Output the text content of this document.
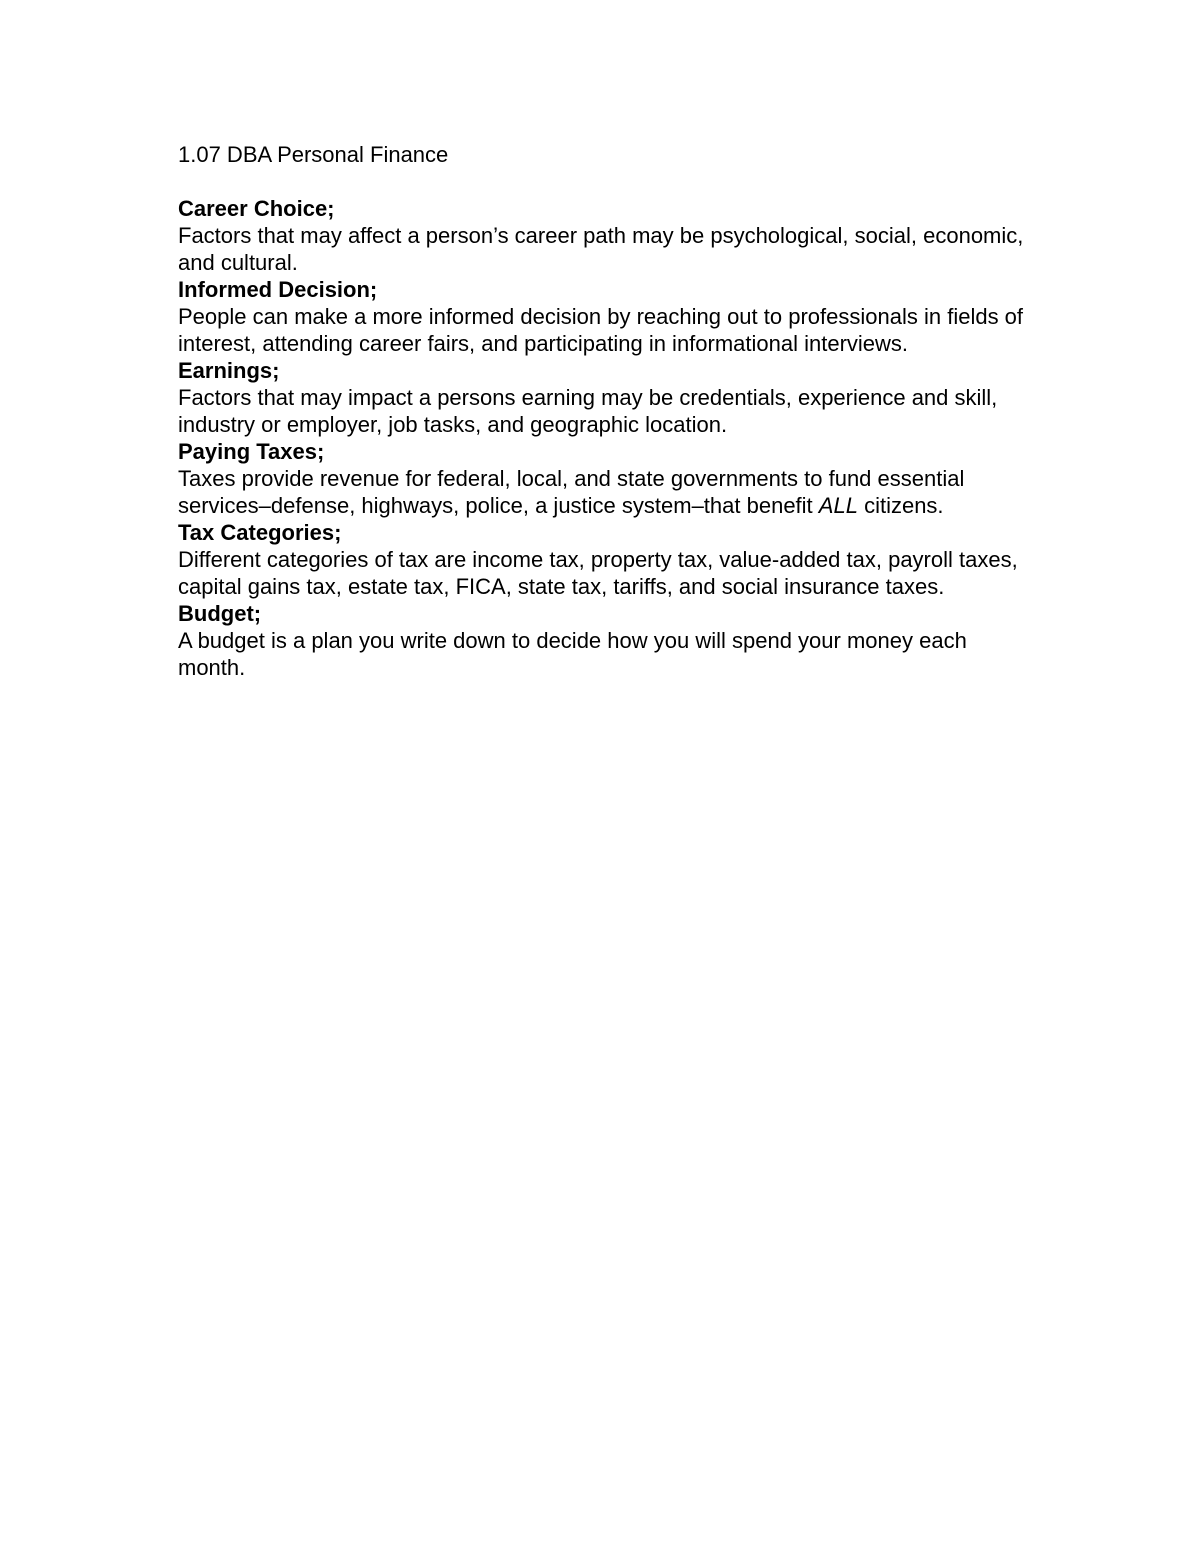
1.07 DBA Personal Finance

Career Choice;

Factors that may affect a person’s career path may be psychological, social, economic, and cultural.

Informed Decision;

People can make a more informed decision by reaching out to professionals in fields of interest, attending career fairs, and participating in informational interviews.

Earnings;

Factors that may impact a persons earning may be credentials, experience and skill, industry or employer, job tasks, and geographic location.

Paying Taxes;

Taxes provide revenue for federal, local, and state governments to fund essential services–defense, highways, police, a justice system–that benefit ALL citizens.

Tax Categories;

Different categories of tax are income tax, property tax, value-added tax, payroll taxes, capital gains tax, estate tax, FICA, state tax, tariffs, and social insurance taxes.

Budget;

A budget is a plan you write down to decide how you will spend your money each month.
